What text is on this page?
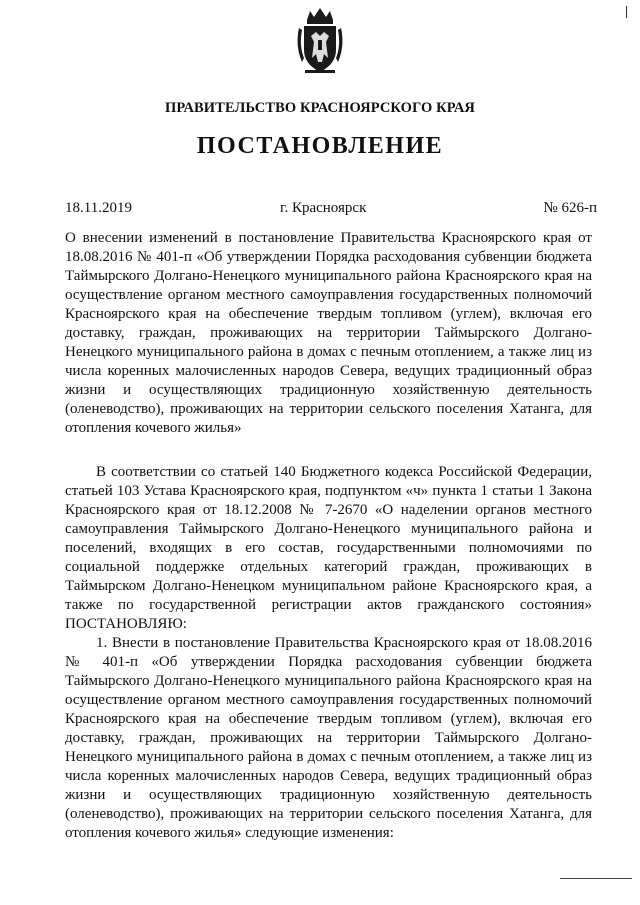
ПРАВИТЕЛЬСТВО КРАСНОЯРСКОГО КРАЯ
ПОСТАНОВЛЕНИЕ
18.11.2019	г. Красноярск	№ 626-п
О внесении изменений в постановление Правительства Красноярского края от 18.08.2016 № 401-п «Об утверждении Порядка расходования субвенции бюджета Таймырского Долгано-Ненецкого муниципального района Красноярского края на осуществление органом местного самоуправления государственных полномочий Красноярского края на обеспечение твердым топливом (углем), включая его доставку, граждан, проживающих на территории Таймырского Долгано-Ненецкого муниципального района в домах с печным отоплением, а также лиц из числа коренных малочисленных народов Севера, ведущих традиционный образ жизни и осуществляющих традиционную хозяйственную деятельность (оленеводство), проживающих на территории сельского поселения Хатанга, для отопления кочевого жилья»

В соответствии со статьей 140 Бюджетного кодекса Российской Федерации, статьей 103 Устава Красноярского края, подпунктом «ч» пункта 1 статьи 1 Закона Красноярского края от 18.12.2008 № 7-2670 «О наделении органов местного самоуправления Таймырского Долгано-Ненецкого муниципального района и поселений, входящих в его состав, государственными полномочиями по социальной поддержке отдельных категорий граждан, проживающих в Таймырском Долгано-Ненецком муниципальном районе Красноярского края, а также по государственной регистрации актов гражданского состояния» ПОСТАНОВЛЯЮ:

1. Внести в постановление Правительства Красноярского края от 18.08.2016 № 401-п «Об утверждении Порядка расходования субвенции бюджета Таймырского Долгано-Ненецкого муниципального района Красноярского края на осуществление органом местного самоуправления государственных полномочий Красноярского края на обеспечение твердым топливом (углем), включая его доставку, граждан, проживающих на территории Таймырского Долгано-Ненецкого муниципального района в домах с печным отоплением, а также лиц из числа коренных малочисленных народов Севера, ведущих традиционный образ жизни и осуществляющих традиционную хозяйственную деятельность (оленеводство), проживающих на территории сельского поселения Хатанга, для отопления кочевого жилья» следующие изменения:
